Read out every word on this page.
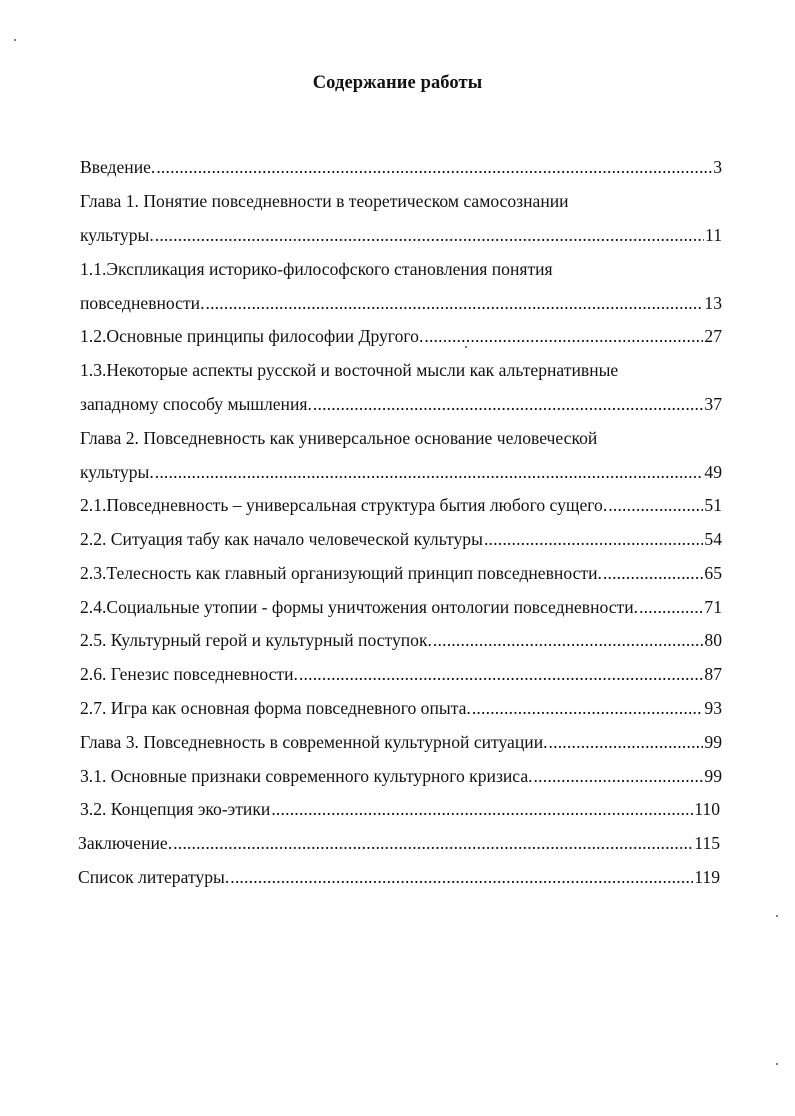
Содержание работы
Введение. .....	3
Глава 1. Понятие повседневности в теоретическом самосознании
культуры. .....	11
1.1.Экспликация историко-философского становления понятия
повседневности. .....	13
1.2.Основные принципы философии Другого. .....	27
1.3.Некоторые аспекты русской и восточной мысли как альтернативные
западному способу мышления. .....	37
Глава 2. Повседневность как универсальное основание человеческой
культуры. .....	49
2.1.Повседневность – универсальная структура бытия любого сущего. .....	51
2.2. Ситуация табу как начало человеческой культуры .....	54
2.3.Телесность как главный организующий принцип повседневности. .....	65
2.4.Социальные утопии - формы уничтожения онтологии повседневности. .....	71
2.5. Культурный герой и культурный поступок. .....	80
2.6. Генезис повседневности. .....	87
2.7. Игра как основная форма повседневного опыта. .....	93
Глава 3. Повседневность в современной культурной ситуации. .....	99
3.1. Основные признаки современного культурного кризиса. .....	99
3.2. Концепция эко-этики .....	110
Заключение. .....	115
Список литературы. .....	119
